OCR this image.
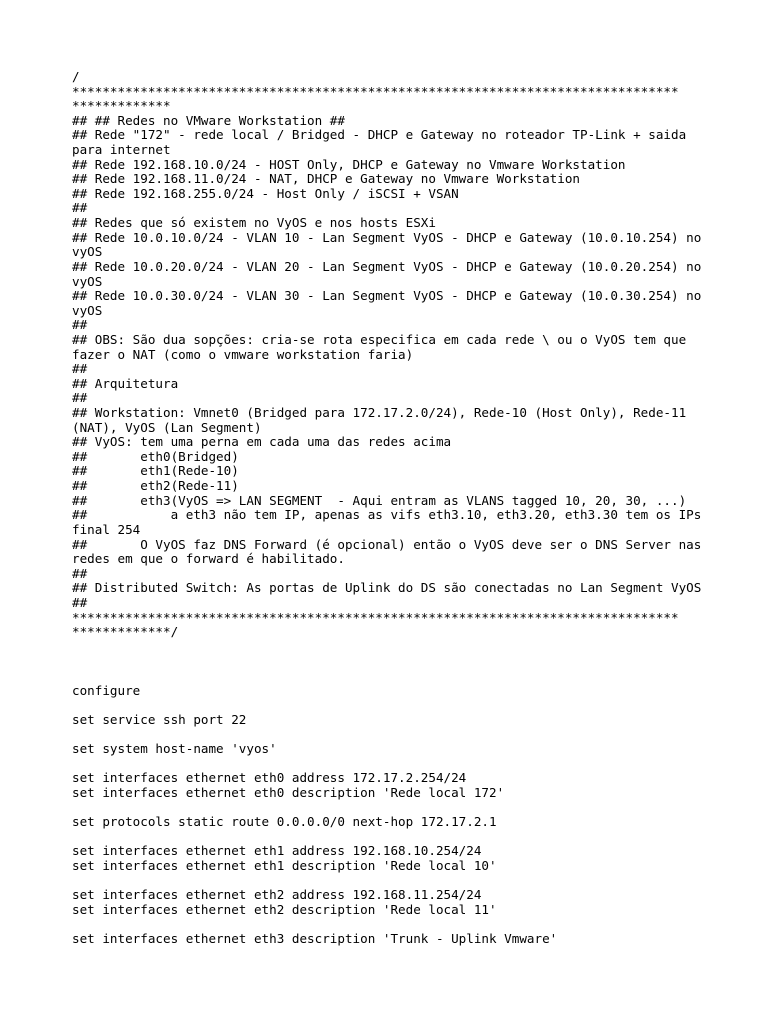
/
********************************************************************************
*************
## ## Redes no VMware Workstation ##
## Rede "172" - rede local / Bridged - DHCP e Gateway no roteador TP-Link + saida
para internet
## Rede 192.168.10.0/24 - HOST Only, DHCP e Gateway no Vmware Workstation
## Rede 192.168.11.0/24 - NAT, DHCP e Gateway no Vmware Workstation
## Rede 192.168.255.0/24 - Host Only / iSCSI + VSAN
##
## Redes que só existem no VyOS e nos hosts ESXi
## Rede 10.0.10.0/24 - VLAN 10 - Lan Segment VyOS - DHCP e Gateway (10.0.10.254) no
vyOS
## Rede 10.0.20.0/24 - VLAN 20 - Lan Segment VyOS - DHCP e Gateway (10.0.20.254) no
vyOS
## Rede 10.0.30.0/24 - VLAN 30 - Lan Segment VyOS - DHCP e Gateway (10.0.30.254) no
vyOS
##
## OBS: São dua sopções: cria-se rota especifica em cada rede \ ou o VyOS tem que
fazer o NAT (como o vmware workstation faria)
##
## Arquitetura
##
## Workstation: Vmnet0 (Bridged para 172.17.2.0/24), Rede-10 (Host Only), Rede-11
(NAT), VyOS (Lan Segment)
## VyOS: tem uma perna em cada uma das redes acima
##       eth0(Bridged)
##       eth1(Rede-10)
##       eth2(Rede-11)
##       eth3(VyOS => LAN SEGMENT  - Aqui entram as VLANS tagged 10, 20, 30, ...)
##           a eth3 não tem IP, apenas as vifs eth3.10, eth3.20, eth3.30 tem os IPs
final 254
##       O VyOS faz DNS Forward (é opcional) então o VyOS deve ser o DNS Server nas
redes em que o forward é habilitado.
##
## Distributed Switch: As portas de Uplink do DS são conectadas no Lan Segment VyOS
##
********************************************************************************
*************/
configure
set service ssh port 22
set system host-name 'vyos'
set interfaces ethernet eth0 address 172.17.2.254/24
set interfaces ethernet eth0 description 'Rede local 172'
set protocols static route 0.0.0.0/0 next-hop 172.17.2.1
set interfaces ethernet eth1 address 192.168.10.254/24
set interfaces ethernet eth1 description 'Rede local 10'
set interfaces ethernet eth2 address 192.168.11.254/24
set interfaces ethernet eth2 description 'Rede local 11'
set interfaces ethernet eth3 description 'Trunk - Uplink Vmware'
